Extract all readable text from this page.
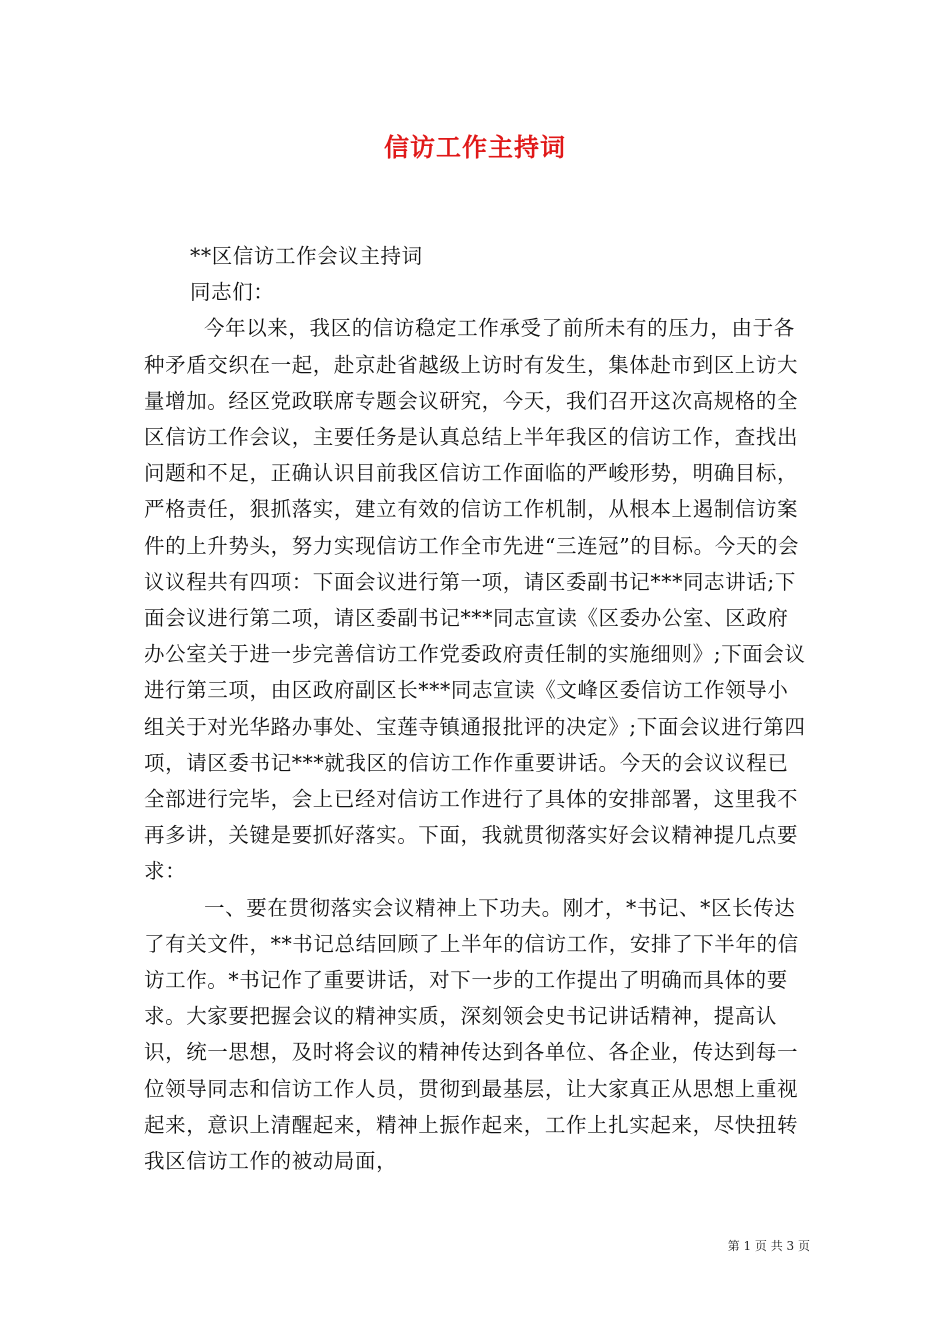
信访工作主持词

**区信访工作会议主持词

同志们：

今年以来，我区的信访稳定工作承受了前所未有的压力，由于各种矛盾交织在一起，赴京赴省越级上访时有发生，集体赴市到区上访大量增加。经区党政联席专题会议研究，今天，我们召开这次高规格的全区信访工作会议，主要任务是认真总结上半年我区的信访工作，查找出问题和不足，正确认识目前我区信访工作面临的严峻形势，明确目标，严格责任，狠抓落实，建立有效的信访工作机制，从根本上遏制信访案件的上升势头，努力实现信访工作全市先进“三连冠”的目标。今天的会议议程共有四项：下面会议进行第一项，请区委副书记***同志讲话;下面会议进行第二项，请区委副书记***同志宣读《区委办公室、区政府办公室关于进一步完善信访工作党委政府责任制的实施细则》;下面会议进行第三项，由区政府副区长***同志宣读《文峰区委信访工作领导小组关于对光华路办事处、宝莲寺镇通报批评的决定》;下面会议进行第四项，请区委书记***就我区的信访工作作重要讲话。今天的会议议程已全部进行完毕，会上已经对信访工作进行了具体的安排部署，这里我不再多讲，关键是要抓好落实。下面，我就贯彻落实好会议精神提几点要求：

一、要在贯彻落实会议精神上下功夫。刚才，*书记、*区长传达了有关文件，**书记总结回顾了上半年的信访工作，安排了下半年的信访工作。*书记作了重要讲话，对下一步的工作提出了明确而具体的要求。大家要把握会议的精神实质，深刻领会史书记讲话精神，提高认识，统一思想，及时将会议的精神传达到各单位、各企业，传达到每一位领导同志和信访工作人员，贯彻到最基层，让大家真正从思想上重视起来，意识上清醒起来，精神上振作起来，工作上扎实起来，尽快扭转我区信访工作的被动局面，

第 1 页 共 3 页
